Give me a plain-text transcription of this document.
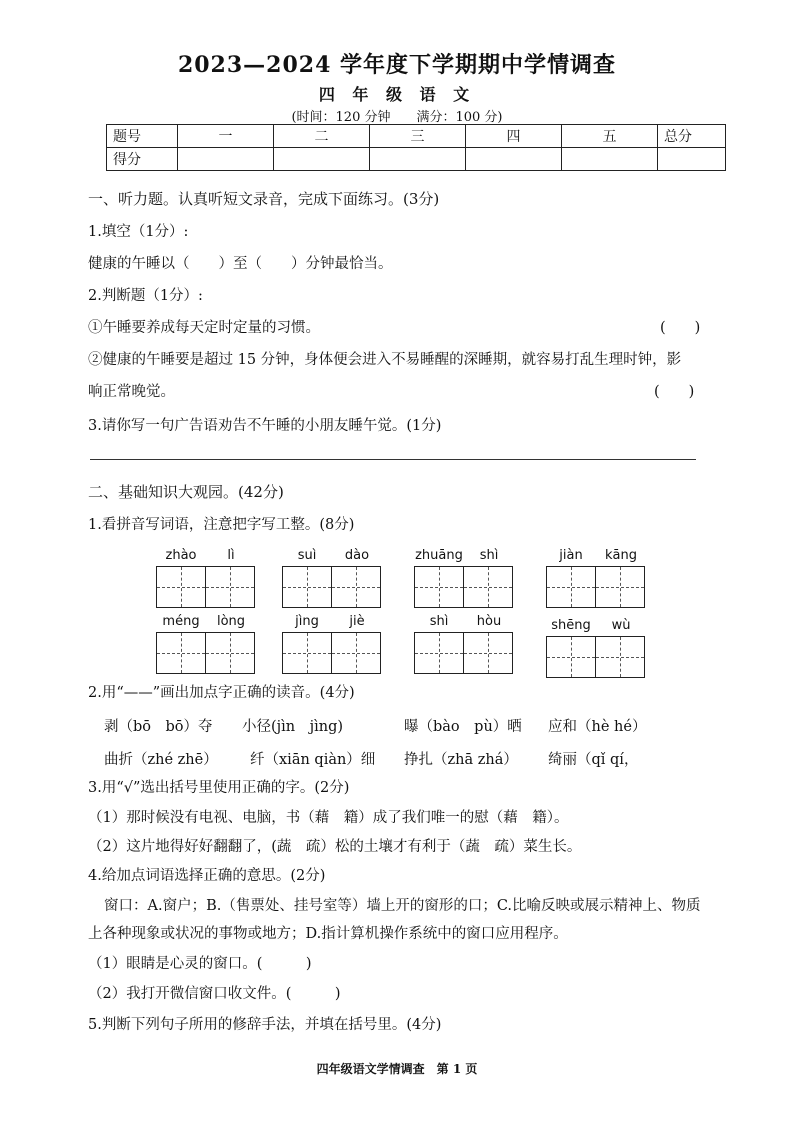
2023—2024 学年度下学期期中学情调查
四 年 级 语 文
(时间：120 分钟　　满分：100 分)
题号	一	二	三	四	五	总分
得分						
一、听力题。认真听短文录音，完成下面练习。(3分)
1.填空（1分）:
健康的午睡以（　　）至（　　）分钟最恰当。
2.判断题（1分）:
①午睡要养成每天定时定量的习惯。	(　　)
②健康的午睡要是超过 15 分钟，身体便会进入不易睡醒的深睡期，就容易打乱生理时钟，影
响正常晚觉。	(　　)
3.请你写一句广告语劝告不午睡的小朋友睡午觉。(1分)
二、基础知识大观园。(42分)
1.看拼音写词语，注意把字写工整。(8分)
zhào	lì	suì	dào	zhuāng	shì	jiàn	kāng
méng	lòng	jìng	jiè	shì	hòu	shēng	wù
2.用“——”画出加点字正确的读音。(4分)
剥（bō　bō）夺 小径(jìn　jìng)	曝（bào　pù）晒 应和（hè hé）
曲折（zhé zhē） 纤（xiān qiàn）细 挣扎（zhā zhá） 绮丽（qǐ qí，
3.用“√”选出括号里使用正确的字。(2分)
（1）那时候没有电视、电脑，书（藉　籍）成了我们唯一的慰（藉　籍）。
（2）这片地得好好翻翻了，(蔬　疏）松的土壤才有利于（蔬　疏）菜生长。
4.给加点词语选择正确的意思。(2分)
窗口：A.窗户；B.（售票处、挂号室等）墙上开的窗形的口；C.比喻反映或展示精神上、物质
上各种现象或状况的事物或地方；D.指计算机操作系统中的窗口应用程序。
（1）眼睛是心灵的窗口。(　　　)
（2）我打开微信窗口收文件。(　　　)
5.判断下列句子所用的修辞手法，并填在括号里。(4分)
四年级语文学情调查　第 1 页
